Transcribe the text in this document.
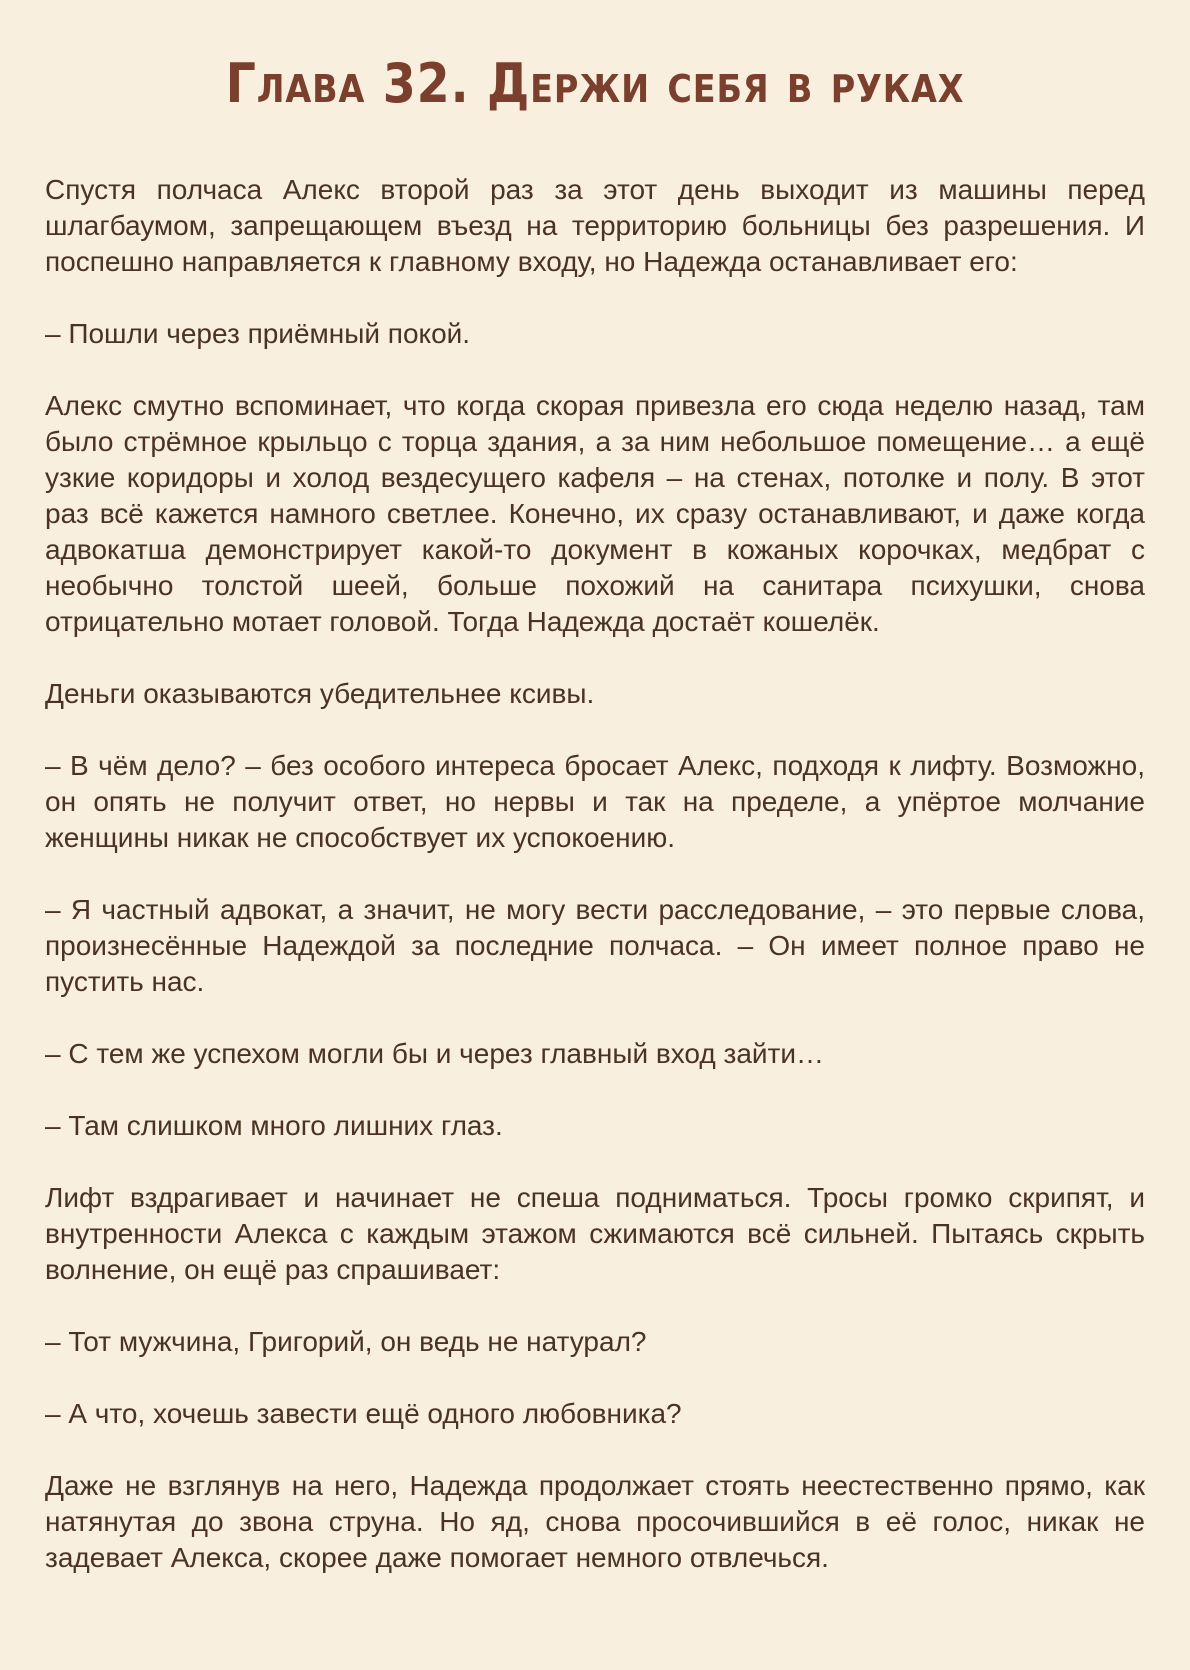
Глава 32. Держи себя в руках

Спустя полчаса Алекс второй раз за этот день выходит из машины перед шлагбаумом, запрещающем въезд на территорию больницы без разрешения. И поспешно направляется к главному входу, но Надежда останавливает его:

– Пошли через приёмный покой.

Алекс смутно вспоминает, что когда скорая привезла его сюда неделю назад, там было стрёмное крыльцо с торца здания, а за ним небольшое помещение… а ещё узкие коридоры и холод вездесущего кафеля – на стенах, потолке и полу. В этот раз всё кажется намного светлее. Конечно, их сразу останавливают, и даже когда адвокатша демонстрирует какой-то документ в кожаных корочках, медбрат с необычно толстой шеей, больше похожий на санитара психушки, снова отрицательно мотает головой. Тогда Надежда достаёт кошелёк.

Деньги оказываются убедительнее ксивы.

– В чём дело? – без особого интереса бросает Алекс, подходя к лифту. Возможно, он опять не получит ответ, но нервы и так на пределе, а упёртое молчание женщины никак не способствует их успокоению.

– Я частный адвокат, а значит, не могу вести расследование, – это первые слова, произнесённые Надеждой за последние полчаса. – Он имеет полное право не пустить нас.

– С тем же успехом могли бы и через главный вход зайти…

– Там слишком много лишних глаз.

Лифт вздрагивает и начинает не спеша подниматься. Тросы громко скрипят, и внутренности Алекса с каждым этажом сжимаются всё сильней. Пытаясь скрыть волнение, он ещё раз спрашивает:

– Тот мужчина, Григорий, он ведь не натурал?

– А что, хочешь завести ещё одного любовника?

Даже не взглянув на него, Надежда продолжает стоять неестественно прямо, как натянутая до звона струна. Но яд, снова просочившийся в её голос, никак не задевает Алекса, скорее даже помогает немного отвлечься.
